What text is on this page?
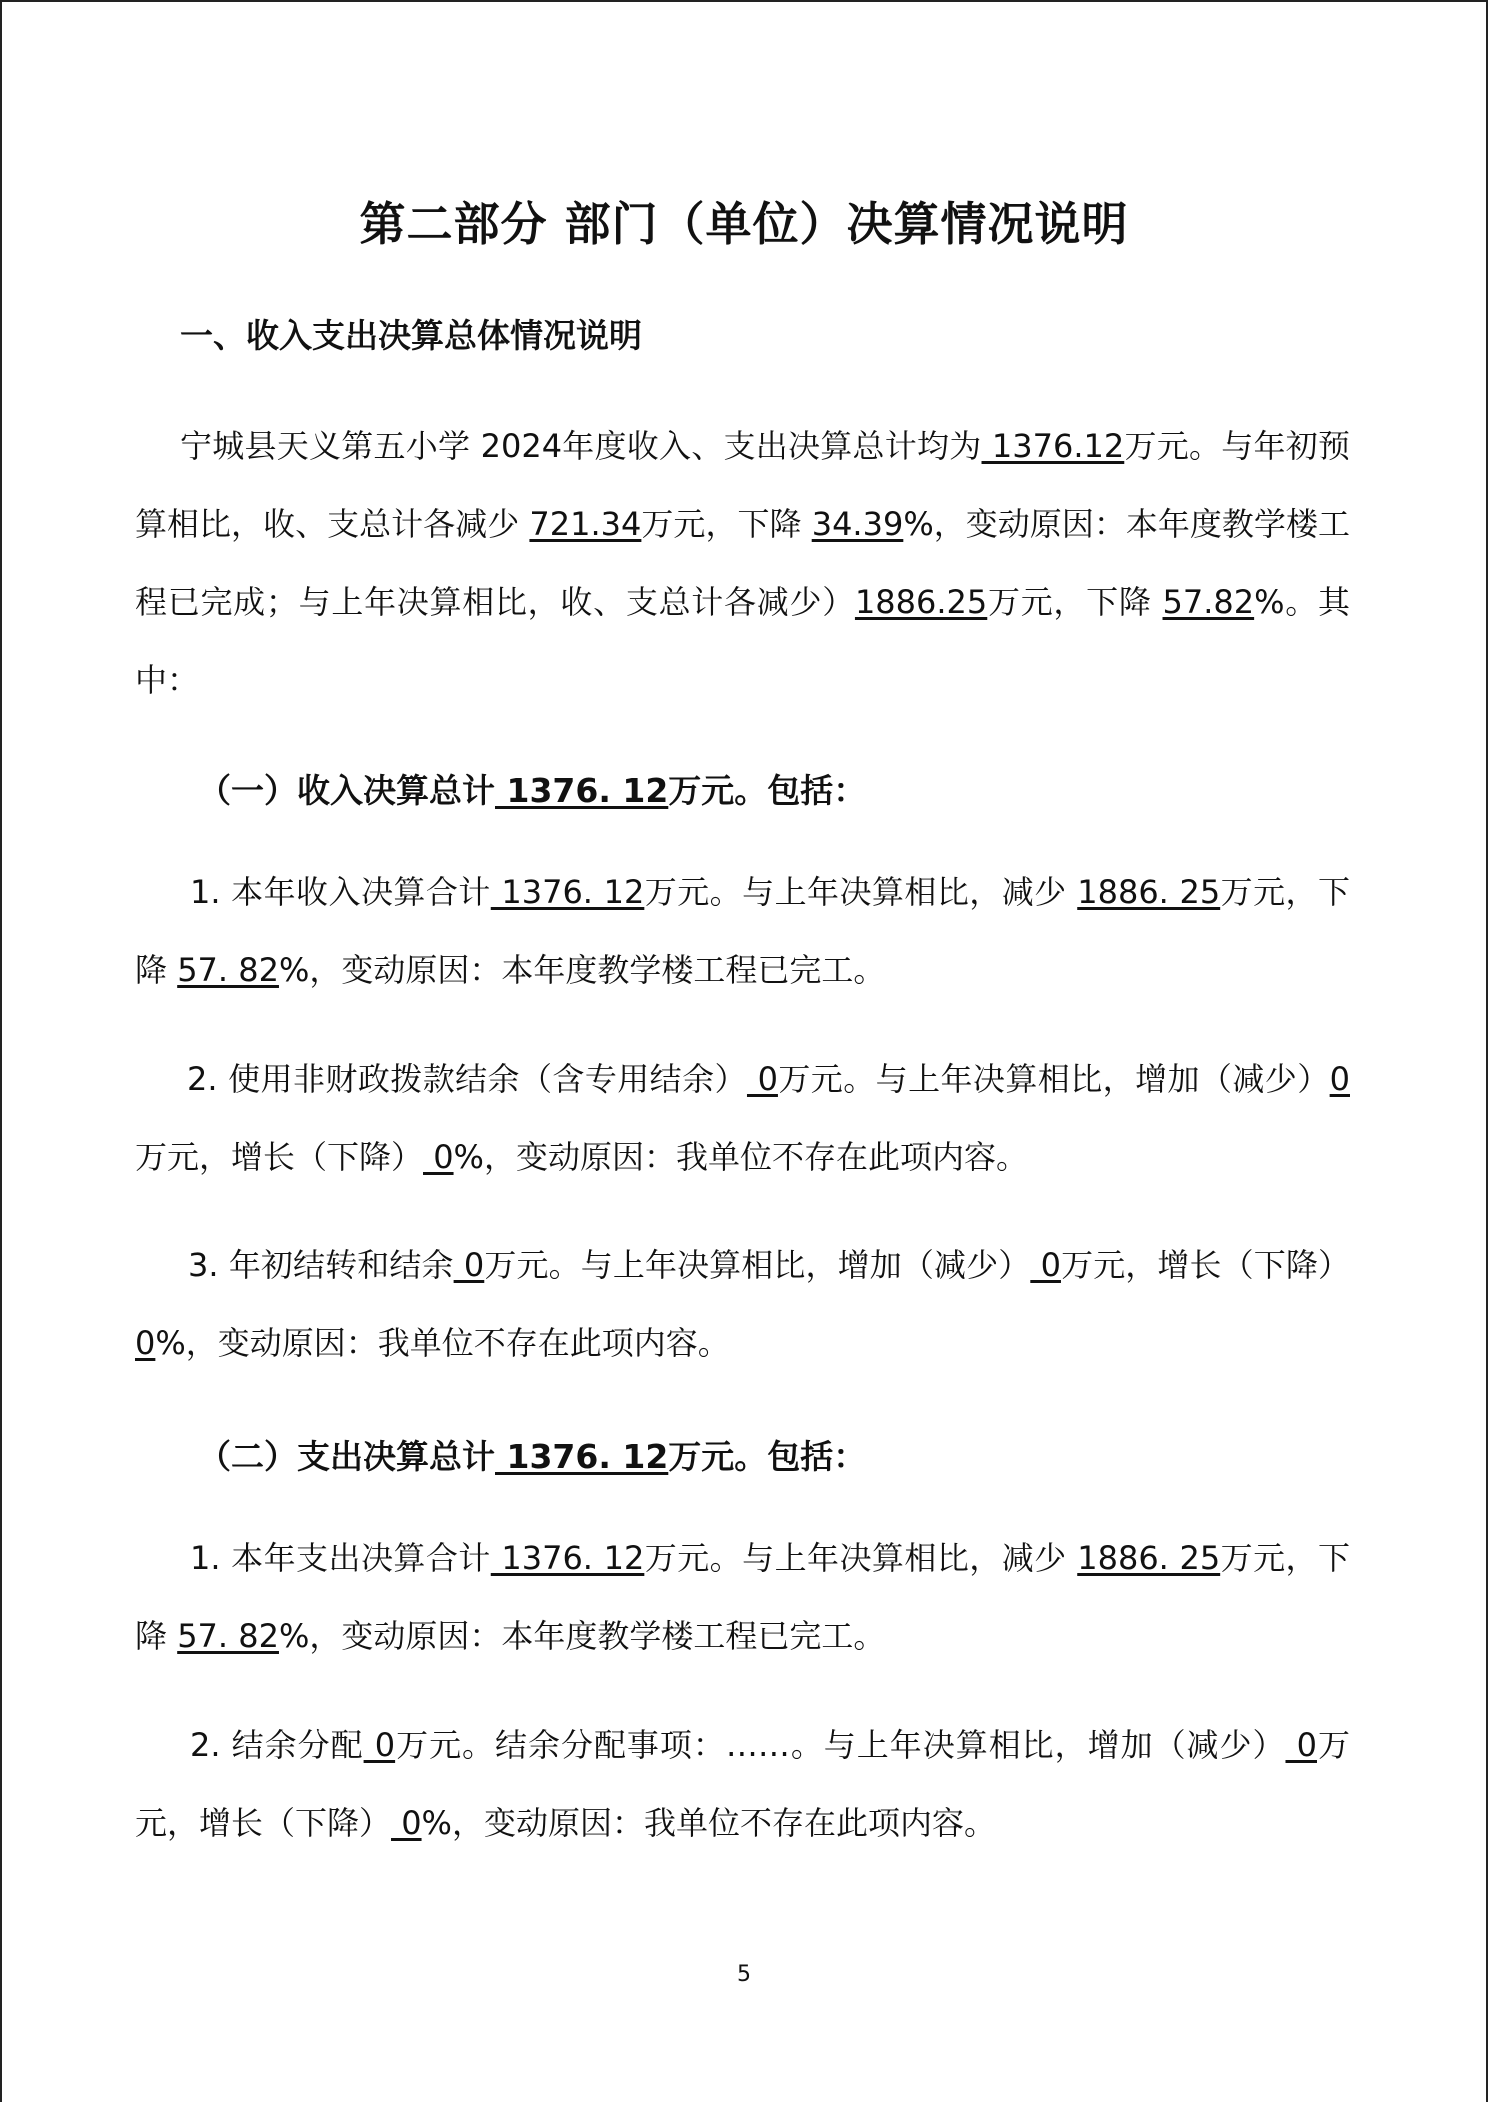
第二部分 部门（单位）决算情况说明
一、收入支出决算总体情况说明
宁城县天义第五小学 2024年度收入、支出决算总计均为 1376.12万元。与年初预算相比，收、支总计各减少 721.34万元，下降 34.39%，变动原因：本年度教学楼工程已完成；与上年决算相比，收、支总计各减少）1886.25万元，下降 57.82%。其中：
（一）收入决算总计 1376. 12万元。包括：
1. 本年收入决算合计 1376. 12万元。与上年决算相比，减少 1886. 25万元，下降 57. 82%，变动原因：本年度教学楼工程已完工。
2. 使用非财政拨款结余（含专用结余） 0万元。与上年决算相比，增加（减少）0万元，增长（下降） 0%，变动原因：我单位不存在此项内容。
3. 年初结转和结余 0万元。与上年决算相比，增加（减少） 0万元，增长（下降） 0%，变动原因：我单位不存在此项内容。
（二）支出决算总计 1376. 12万元。包括：
1. 本年支出决算合计 1376. 12万元。与上年决算相比，减少 1886. 25万元，下降 57. 82%，变动原因：本年度教学楼工程已完工。
2. 结余分配 0万元。结余分配事项：……。与上年决算相比，增加（减少） 0万元，增长（下降） 0%，变动原因：我单位不存在此项内容。
5
